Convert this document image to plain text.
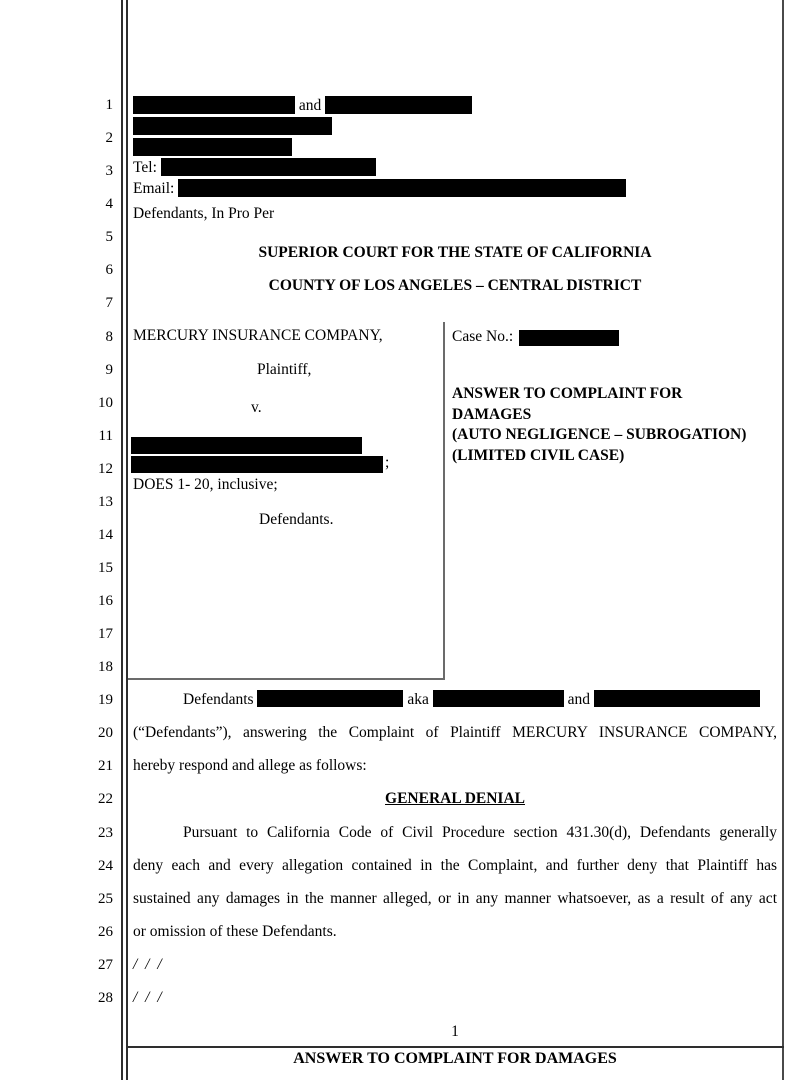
1
2
3
4
5
6
7
8
9
10
11
12
13
14
15
16
17
18
19
20
21
22
23
24
25
26
27
28
and
Tel:
Email:
Defendants, In Pro Per
SUPERIOR COURT FOR THE STATE OF CALIFORNIA
COUNTY OF LOS ANGELES – CENTRAL DISTRICT
MERCURY INSURANCE COMPANY,
Plaintiff,
v.
;
DOES 1- 20, inclusive;
Defendants.
Case No.:
ANSWER TO COMPLAINT FOR
DAMAGES
(AUTO NEGLIGENCE – SUBROGATION)
(LIMITED CIVIL CASE)
Defendants	aka	and
(“Defendants”), answering the Complaint of Plaintiff MERCURY INSURANCE COMPANY,
hereby respond and allege as follows:
GENERAL DENIAL
Pursuant to California Code of Civil Procedure section 431.30(d), Defendants generally
deny each and every allegation contained in the Complaint, and further deny that Plaintiff has
sustained any damages in the manner alleged, or in any manner whatsoever, as a result of any act
or omission of these Defendants.
/ / /
/ / /
1
ANSWER TO COMPLAINT FOR DAMAGES
